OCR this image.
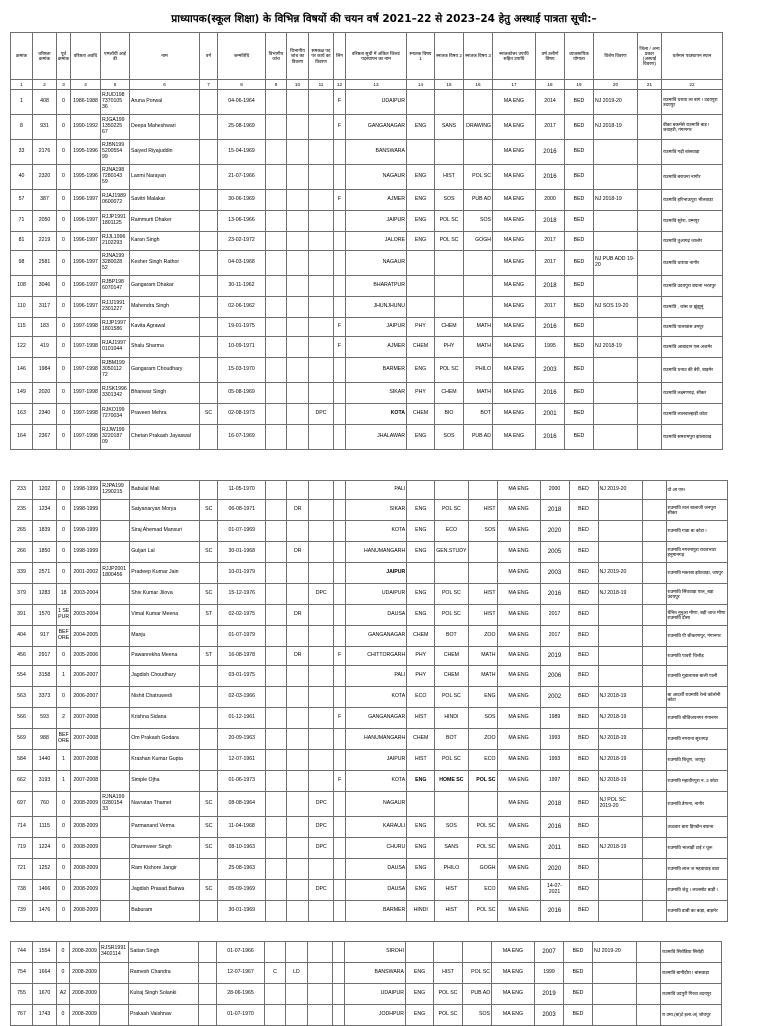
प्राध्यापक(स्कूल शिक्षा) के विभिन्न विषयों की चयन वर्ष 2021–22 से 2023–24 हेतु अस्थाई पात्रता सूची:–
क्रमांक	वरिष्ठता क्रमांक	पूर्व क्रमांक	वरिष्ठता अवधि	एम्प्लॉयी आई डी	नाम	वर्ग	जन्मतिथि	विभागीय जांच	विभागीय जांच का विवरण	समकक्ष पद पर कार्य का विवरण	लिंग	वरिष्ठता सूची में अंकित जिला/ पदस्थापन का नाम	स्नातक विषय 1	स्नातक विषय 2	स्नातक विषय 3	स्नातकोत्तर उपाधि सहित उपाधि	वर्ष उत्तीर्ण विषय	व्यावसायिक योग्यता	विशेष विवरण	जिला / अन्य प्रकार (अस्थाई विवरण)	वर्तमान पदस्थापन स्थान
1	2	3	4	5	6	7	8	9	10	11	12	13	14	15	16	17	18	19	20	21	22
1	408	0	1986-1988	RJUD198 7370105 36	Aruna Porwal		04-06-1964				F	UDAIPUR				MA ENG	2014	BED	NJ 2019-20		राउमावि धरावा ला बाग ! उदयपुरा उदयपुर
8	931	0	1990-1992	RJGA199 1350225 67	Deepa Maheshwari		25-08-1969				F	GANGANAGAR	ENG	SANS	DRAWING	MA ENG	2017	BED	NJ 2018-19		बीका बकर्मसे राउमावि बाड़ ! जवाहरी, गंगानगर
33	2176	0	1995-1996	RJBN199 5200554 99	Saiyed Riyajuddin		15-04-1969					BANSWARA				MA ENG	2016	BED			राउमावि गढ़ी बांसवाड़ा
40	2320	0	1995-1996	RJNA198 7280143 59	Laxmi Narayan		21-07-1966					NAGAUR	ENG	HIST	POL SC	MA ENG	2016	BED			राउमावि बराधना नागौर
57	387	0	1996-1997	RJAJ1989 0600072	Savitri Malakar		30-06-1969				F	AJMER	ENG	SOS	PUB AD	MA ENG	2000	BED	NJ 2018-19		राउमावि हरिभाऊपुरा भीलवाड़ा
71	2050	0	1996-1997	RJJP1991 1801125	Rammurti Dhaker		13-06-1966					JAIPUR	ENG	POL SC	SOS	MA ENG	2018	BED			राउमावि सुरेरा, उम्मपुर
81	2219	0	1996-1997	RJJL1996 2102293	Karan Singh		23-02-1972					JALORE	ENG	POL SC	GOGH	MA ENG	2017	BED			राउमावि तुआगढ़ जालोर
98	2581	0	1996-1997	RJNA199 3280028 52	Kesher Singh Rathor		04-03-1968					NAGAUR				MA ENG	2017	BED	NJ PUB ADD 19-20		राउमावि धारावा नागौर
108	3046	0	1996-1997	RJBP198 6070147	Gangaram Dhakar		30-11-1962					BHARATPUR				MA ENG	2018	BED			राउमावि उदयपुरा बयाना भरतपुर
110	3117	0	1996-1997	RJJJ1991 2301227	Mahendra Singh		02-06-1962					JHUNJHUNU				MA ENG	2017	BED	NJ SOS 19-20		राउमावि , जांस ज झुंझुनूं
115	183	0	1997-1998	RJJP1997 1801586	Kavita Agrawal		19-01-1975				F	JAIPUR	PHY	CHEM	MATH	MA ENG	2016	BED			राउमावि पालावास उमपुर
122	419	0	1997-1998	RJAJ1997 0101044	Shalu Sharma		10-09-1971				F	AJMER	CHEM	PHY	MATH	MA ENG	1995	BED	NJ 2018-19		राउमावि आबादान एस अजमेर
146	1984	0	1997-1998	RJBM199 3050112 72	Gangaram Choudhary		15-03-1970					BARMER	ENG	POL SC	PHILO	MA ENG	2003	BED			राउमावि धनाउ की बेरी, बाड़मेर
149	2020	0	1997-1998	RJSK1996 3301342	Bhanwar Singh		05-08-1969					SIKAR	PHY	CHEM	MATH	MA ENG	2016	BED			राउमावि लक्ष्मणगढ़, सीकर
163	2340	0	1997-1998	RJKO199 7270034	Praveen Mehra	SC	02-08-1973			DPC		KOTA	CHEM	BIO	BOT	MA ENG	2001	BED			राउमावि लालवाल्हाड़ी कोटा
164	2367	0	1997-1998	RJJW199 3220187 09	Chetan Prakash Jayaswal		16-07-1969					JHALAWAR	ENG	SOS	PUB AD	MA ENG	2016	BED			राउमावि समरामपुरा झालावाड़
233	1202	0	1998-1999	RJPA199 1290215	Babulal Mali		11-05-1970					PALI				MA ENG	2000	BED	NJ 2019-20		दो आ एरु।
235	1234	0	1998-1999		Satyanaryan Morya	SC	06-08-1971		DR			SIKAR	ENG	POL SC	HIST	MA ENG	2018	BED			राउमावि ताल बालाजी जनपुरा सीकर
265	1839	0	1998-1999		Siraj Ahemad Mansuri		01-07-1969					KOTA	ENG	ECO	SOS	MA ENG	2020	BED			राउमावि गाडा बा कोटा !
266	1850	0	1998-1999		Guljari Lal	SC	30-01-1968		DR			HANUMANGARH	ENG	GEN.STUDY		MA ENG	2005	BED			राउमावि नगरमायुरा रावतभाटा हनुमानगढ़
339	2571	0	2001-2002	RJJP2001 1800456	Pradeep Kumar Jain		10-01-1979					JAIPUR				MA ENG	2003	BED	NJ 2019-20		राउमावि मकरबा झोटवाड़ा, जयपुर
379	1283	18	2003-2004		Shiv Kumar Jilova	SC	15-12-1976			DPC		UDAIPUR	ENG	POL SC	HIST	MA ENG	2016	BED	NJ 2018-19		राउमावि सिंघवाड़ा पाल_बड़ा उदयपुर
391	1570	1 SE PUR	2003-2004		Vimal Kumar Meena	ST	02-02-1975		DR			DAUSA	ENG	POL SC	HIST	MA ENG	2017	BED			चैनित नुनुआ मीणा, बड़ी जाज मीणा राउमावि दौसा
404	917	BEF ORE	2004-2005		Manju		01-07-1979					GANGANAGAR	CHEM	BOT	ZOO	MA ENG	2017	BED			राउमावि पी श्रीकरणपुर, गंगानगर
456	2917	0	2005-2006		Pawanrekha Meena	ST	16-08-1978		DR		F	CHITTORGARH	PHY	CHEM	MATH	MA ENG	2019	BED			राउमावि पावरी चित्तौड़
554	3158	1	2006-2007		Jagdish Choudhary		03-01-1975					PALI	PHY	CHEM	MATH	MA ENG	2006	BED			राउमावि गुड़ालायस बाली पाली
563	3373	0	2006-2007		Nishit Chatruwedi		02-03-1966					KOTA	ECO	POL SC	ENG	MA ENG	2002	BED	NJ 2018-19		बा आदर्शी राउमावि रेल्वे कॉलोनी कोटा
566	593	2	2007-2008		Krishna Sidana		01-12-1961				F	GANGANAGAR	HIST	HINDI	SOS	MA ENG	1989	BED	NJ 2018-19		राउमावि श्रीविजयनगर गंगानगर
569	988	BEF ORE	2007-2008		Om Prakash Godara		20-09-1963					HANUMANGARH	CHEM	BOT	ZOO	MA ENG	1993	BED	NJ 2018-19		राउमावि नगराना सूरतगढ़
584	1440	1	2007-2008		Krashan Kumar Gupta		12-07-1961					JAIPUR	HIST	POL SC	ECO	MA ENG	1993	BED	NJ 2018-19		राउमावि बिचूण, जयपुर
662	3193	1	2007-2008		Simple Ojha		01-06-1973				F	KOTA	ENG	HOME SC	POL SC	MA ENG	1997	BED	NJ 2018-19		राउमावि महावीरपुरा न. 3 कोटा
697	760	0	2008-2009	RJNA199 0280154 33	Navratan Thamet	SC	08-08-1964			DPC		NAGAUR				MA ENG	2018	BED	NJ POL SC 2019-20		राउमावि डेगाना, नागौर
714	1115	0	2008-2009		Parmanand Verma	SC	11-04-1968			DPC		KARAULI	ENG	SOS	POL SC	MA ENG	2016	BED			उच्चवार बारा हिण्डौन बयाना
719	1224	0	2008-2009		Dharmveer Singh	SC	08-10-1963			DPC		CHURU	ENG	SANS	POL SC	MA ENG	2011	BED	NJ 2018-19		राउमावि भालाड़ी टाई र चूरू
721	1252	0	2008-2009		Ram Kishore Jangir		25-08-1963					DAUSA	ENG	PHILO	GOGH	MA ENG	2020	BED			राउमावि लाल ज महवाघाड़ बाटा
738	1466	0	2008-2009		Jagdish Prasad Bairwa	SC	05-09-1969			DPC		DAUSA	ENG	HIST	ECO	MA ENG	14-07-2021	BED			राउमावि जेठू । लालसोट बाड़ी !
739	1476	0	2008-2009		Baburam		30-01-1969					BARMER	HINDI	HIST	POL SC	MA ENG	2016	BED			राउमावि डाबी का बाड़ा, बाड़मेर
744	1554	0	2008-2009	RJSR1991 3402114	Saitan Singh		01-07-1966					SIROHI				MA ENG	2007	BED	NJ 2019-20		राउमावि सिरोडिया सिरोही
754	1664	0	2008-2009		Ramesh Chandra		12-07-1967	C	LD			BANSWARA	ENG	HIST	POL SC	MA ENG	1999	BED			राउमावि बागीदौरा ! बांसवाड़ा
755	1670	A2	2008-2009		Kulraj Singh Solanki		28-06-1965					UDAIPUR	ENG	POL SC	PUB AD	MA ENG	2019	BED			राउमावि उदपुरी गिरवा उदयपुर
767	1743	0	2008-2009		Prakash Vaishnav		01-07-1970					JODHPUR	ENG	POL SC	SOS	MA ENG	2003	BED			रा उमा.(बा)टे इला.अ) जोधपुर
